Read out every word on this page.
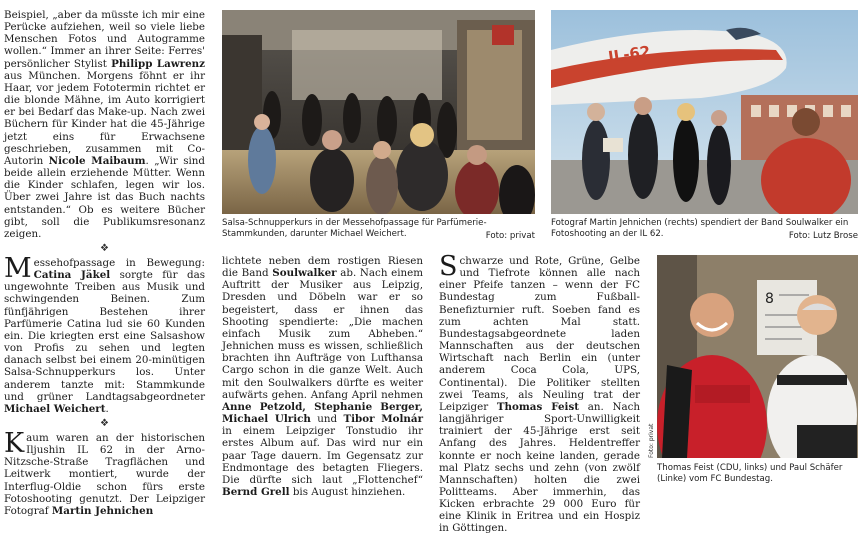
Beispiel, „aber da müsste ich mir eine Perücke aufziehen, weil so viele liebe Menschen Fotos und Autogramme wollen.“ Immer an ihrer Seite: Ferres' persönlicher Stylist Philipp Lawrenz aus München. Morgens föhnt er ihr Haar, vor jedem Fototermin richtet er die blonde Mähne, im Auto korrigiert er bei Bedarf das Make-up. Nach zwei Büchern für Kinder hat die 45-Jährige jetzt eins für Erwachsene geschrieben, zusammen mit Co-Autorin Nicole Maibaum. „Wir sind beide allein erziehende Mütter. Wenn die Kinder schlafen, legen wir los. Über zwei Jahre ist das Buch nachts entstanden.“ Ob es weitere Bücher gibt, soll die Publikumsresonanz zeigen.

❖

Messehofpassage in Bewegung: Catina Jäkel sorgte für das ungewohnte Treiben aus Musik und schwingenden Beinen. Zum fünfjährigen Bestehen ihrer Parfümerie Catina lud sie 60 Kunden ein. Die kriegten erst eine Salsashow von Profis zu sehen und legten danach selbst bei einem 20-minütigen Salsa-Schnupperkurs los. Unter anderem tanzte mit: Stammkunde und grüner Landtagsabgeordneter Michael Weichert.

❖

Kaum waren an der historischen Iljushin IL 62 in der Arno-Nitzsche-Straße Tragflächen und Leitwerk montiert, wurde der Interflug-Oldie schon fürs erste Fotoshooting genutzt. Der Leipziger Fotograf Martin Jehnichen

Salsa-Schnupperkurs in der Messehofpassage für Parfümerie-Stammkunden, darunter Michael Weichert.	Foto: privat
IL-62
Fotograf Martin Jehnichen (rechts) spendiert der Band Soulwalker ein Fotoshooting an der IL 62.	Foto: Lutz Brose

lichtete neben dem rostigen Riesen die Band Soulwalker ab. Nach einem Auftritt der Musiker aus Leipzig, Dresden und Döbeln war er so begeistert, dass er ihnen das Shooting spendierte: „Die machen einfach Musik zum Abheben.“ Jehnichen muss es wissen, schließlich brachten ihn Aufträge von Lufthansa Cargo schon in die ganze Welt. Auch mit den Soulwalkers dürfte es weiter aufwärts gehen. Anfang April nehmen Anne Petzold, Stephanie Berger, Michael Ulrich und Tibor Molnár in einem Leipziger Tonstudio ihr erstes Album auf. Das wird nur ein paar Tage dauern. Im Gegensatz zur Endmontage des betagten Fliegers. Die dürfte sich laut „Flottenchef“ Bernd Grell bis August hinziehen.

Schwarze und Rote, Grüne, Gelbe und Tiefrote können alle nach einer Pfeife tanzen – wenn der FC Bundestag zum Fußball-Benefizturnier ruft. Soeben fand es zum achten Mal statt. Bundestagsabgeordnete laden Mannschaften aus der deutschen Wirtschaft nach Berlin ein (unter anderem Coca Cola, UPS, Continental). Die Politiker stellten zwei Teams, als Neuling trat der Leipziger Thomas Feist an. Nach langjähriger Sport-Unwilligkeit trainiert der 45-Jährige erst seit Anfang des Jahres. Heldentreffer konnte er noch keine landen, gerade mal Platz sechs und zehn (von zwölf Mannschaften) holten die zwei Politteams. Aber immerhin, das Kicken erbrachte 29 000 Euro für eine Klinik in Eritrea und ein Hospiz in Göttingen.

8
Foto: privat
Thomas Feist (CDU, links) und Paul Schäfer (Linke) vom FC Bundestag.
